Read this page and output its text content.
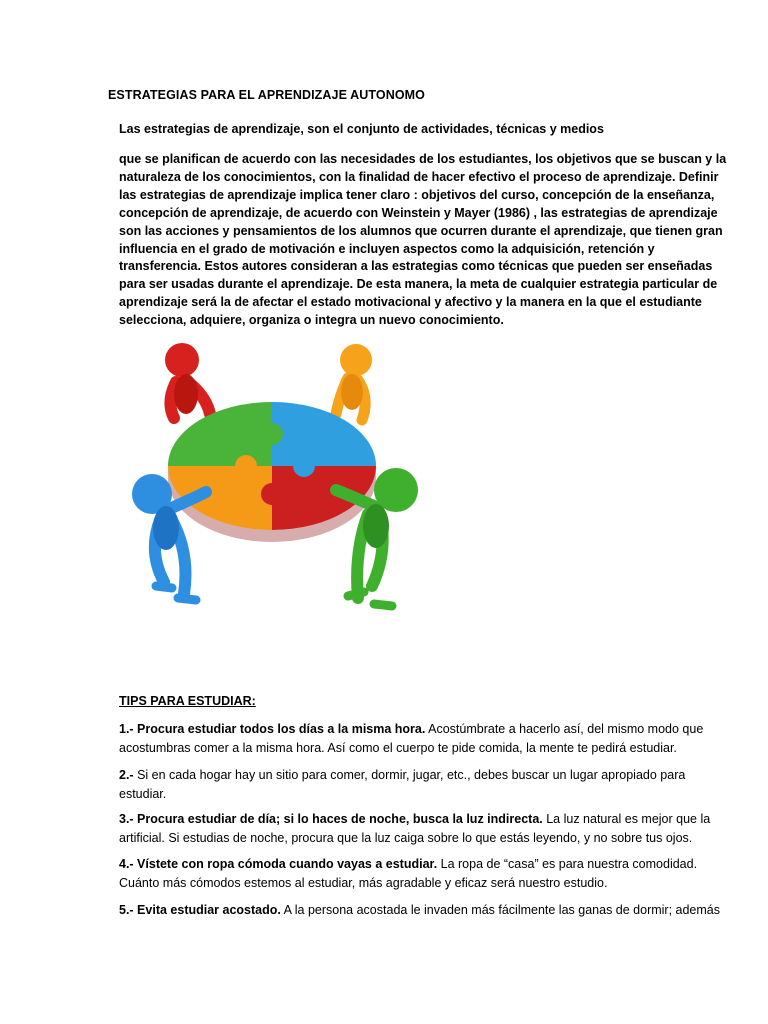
ESTRATEGIAS PARA EL APRENDIZAJE AUTONOMO
Las estrategias de aprendizaje, son el conjunto de actividades, técnicas y medios
que se planifican de acuerdo con las necesidades de los estudiantes, los objetivos que se buscan y la naturaleza de los conocimientos, con la finalidad de hacer efectivo el proceso de aprendizaje. Definir las estrategias de aprendizaje implica tener claro : objetivos del curso, concepción de la enseñanza, concepción de aprendizaje, de acuerdo con Weinstein y Mayer (1986) , las estrategias de aprendizaje son las acciones y pensamientos de los alumnos que ocurren durante el aprendizaje, que tienen gran influencia en el grado de motivación e incluyen aspectos como la adquisición, retención y transferencia. Estos autores consideran a las estrategias como técnicas que pueden ser enseñadas para ser usadas durante el aprendizaje. De esta manera, la meta de cualquier estrategia particular de aprendizaje será la de afectar el estado motivacional y afectivo y la manera en la que el estudiante selecciona, adquiere, organiza o integra un nuevo conocimiento.
TIPS PARA ESTUDIAR:
1.- Procura estudiar todos los días a la misma hora. Acostúmbrate a hacerlo así, del mismo modo que acostumbras comer a la misma hora. Así como el cuerpo te pide comida, la mente te pedirá estudiar.
2.- Si en cada hogar hay un sitio para comer, dormir, jugar, etc., debes buscar un lugar apropiado para estudiar.
3.- Procura estudiar de día; si lo haces de noche, busca la luz indirecta. La luz natural es mejor que la artificial. Si estudias de noche, procura que la luz caiga sobre lo que estás leyendo, y no sobre tus ojos.
4.- Vístete con ropa cómoda cuando vayas a estudiar. La ropa de “casa” es para nuestra comodidad. Cuánto más cómodos estemos al estudiar, más agradable y eficaz será nuestro estudio.
5.- Evita estudiar acostado. A la persona acostada le invaden más fácilmente las ganas de dormir; además
